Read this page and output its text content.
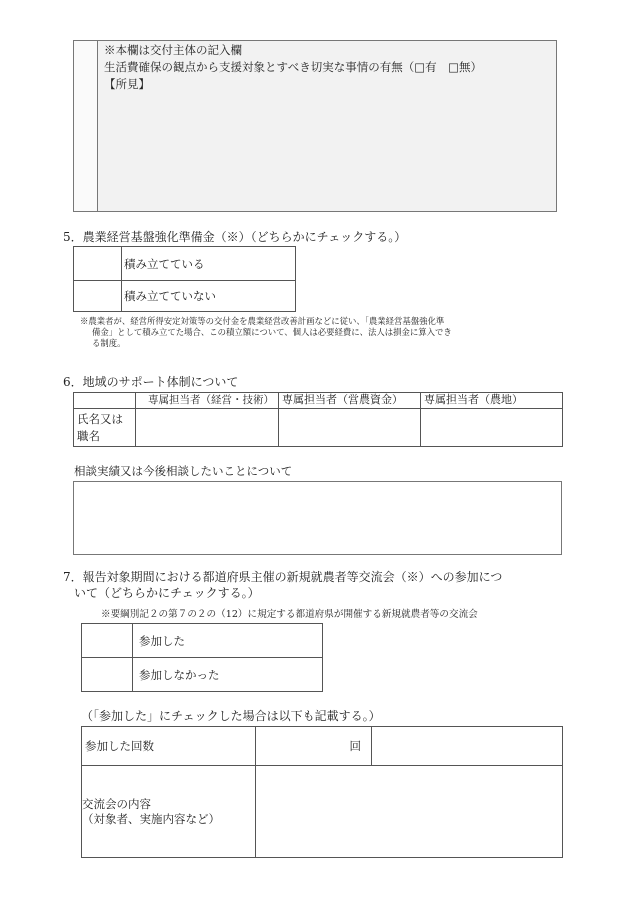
※本欄は交付主体の記入欄
生活費確保の観点から支援対象とすべき切実な事情の有無（□有　□無）
【所見】
5．農業経営基盤強化準備金（※）（どちらかにチェックする。）
	積み立てている
	積み立てていない
※農業者が、経営所得安定対策等の交付金を農業経営改善計画などに従い、「農業経営基盤強化準
備金」として積み立てた場合、この積立額について、個人は必要経費に、法人は損金に算入でき
る制度。
6．地域のサポート体制について
	専属担当者（経営・技術）	専属担当者（営農資金）	専属担当者（農地）

氏名又は
職名			

相談実績又は今後相談したいことについて
7．報告対象期間における都道府県主催の新規就農者等交流会（※）への参加につ
いて（どちらかにチェックする。）
※要綱別記２の第７の２の（12）に規定する都道府県が開催する新規就農者等の交流会
	参加した
	参加しなかった
（「参加した」にチェックした場合は以下も記載する。）
参加した回数	回	

交流会の内容
（対象者、実施内容など）		
